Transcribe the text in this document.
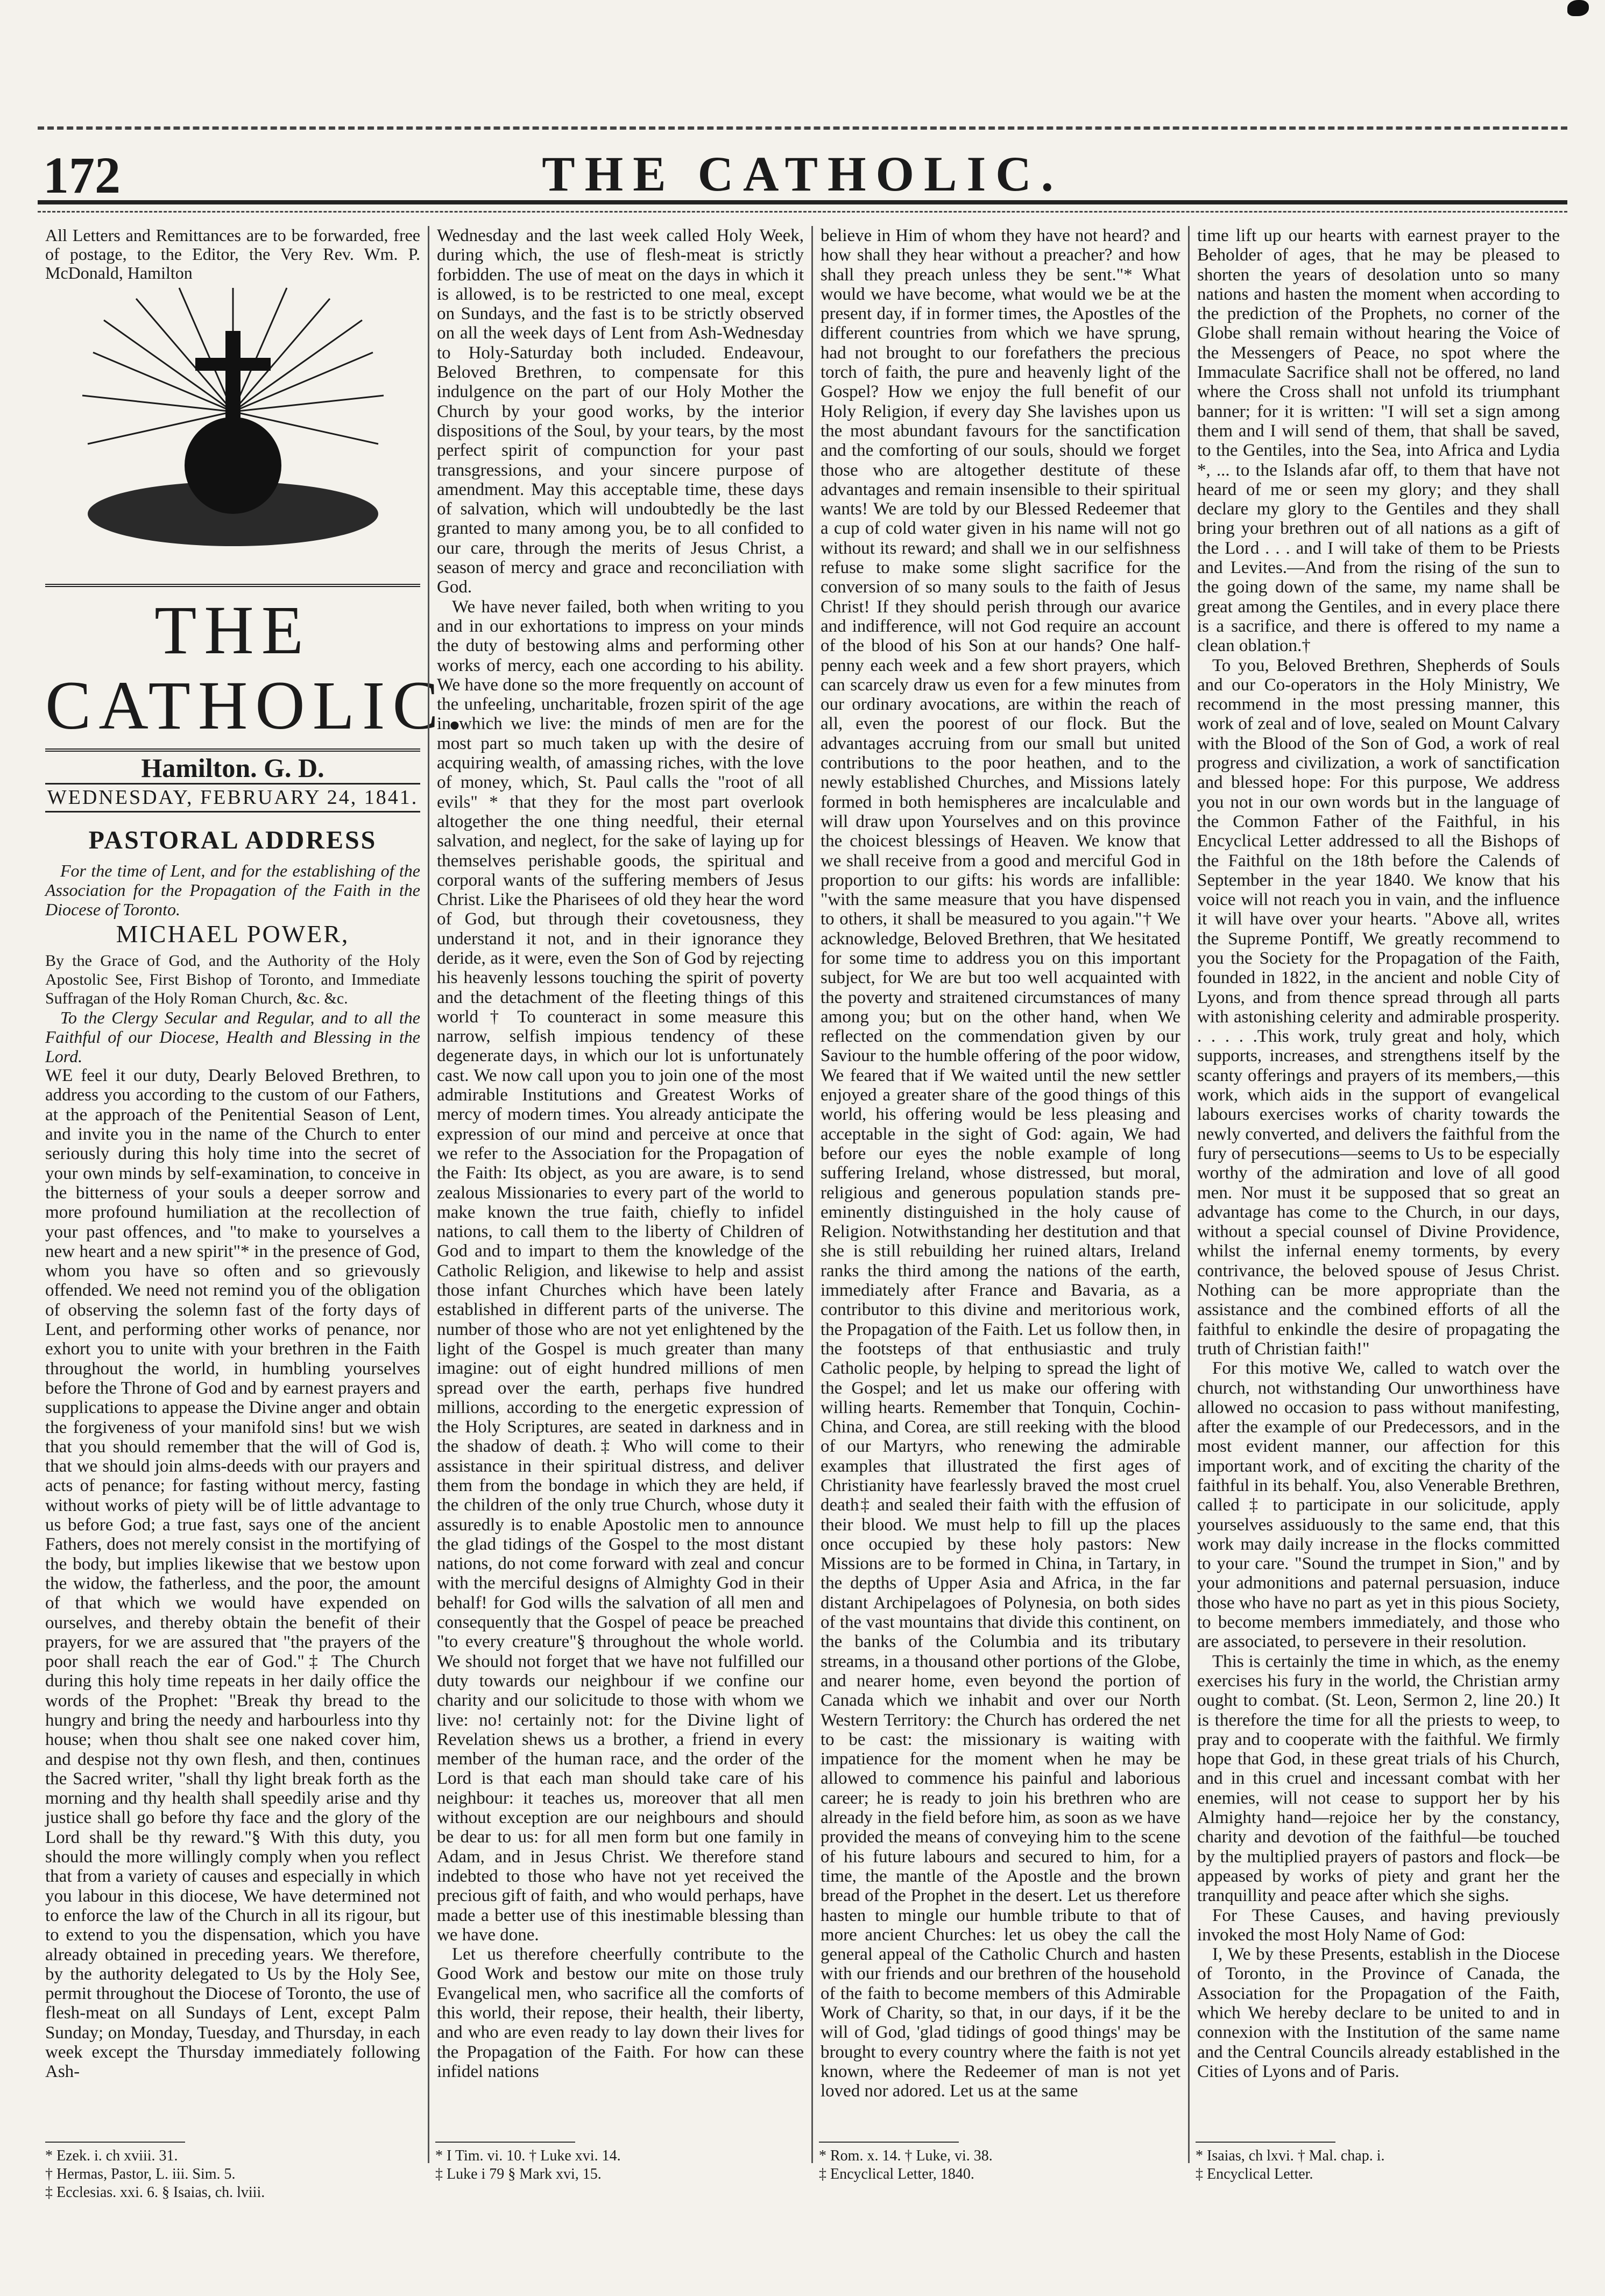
172	THE CATHOLIC.

All Letters and Remittances are to be forwarded, free of postage, to the Editor, the Very Rev. Wm. P. McDonald, Hamilton

THE CATHOLIC.
Hamilton. G. D.
WEDNESDAY, FEBRUARY 24, 1841.
PASTORAL ADDRESS

For the time of Lent, and for the establishing of the Association for the Propagation of the Faith in the Diocese of Toronto.

MICHAEL POWER,

By the Grace of God, and the Authority of the Holy Apostolic See, First Bishop of Toronto, and Immediate Suffragan of the Holy Roman Church, &c. &c.

To the Clergy Secular and Regular, and to all the Faithful of our Diocese, Health and Blessing in the Lord.

WE feel it our duty, Dearly Beloved Brethren, to address you according to the custom of our Fathers, at the approach of the Penitential Season of Lent, and invite you in the name of the Church to enter seriously during this holy time into the secret of your own minds by self-examination, to conceive in the bitterness of your souls a deeper sorrow and more profound humiliation at the recollection of your past offences, and "to make to yourselves a new heart and a new spirit"* in the presence of God, whom you have so often and so grievously offended. We need not remind you of the obligation of observing the solemn fast of the forty days of Lent, and performing other works of penance, nor exhort you to unite with your brethren in the Faith throughout the world, in humbling yourselves before the Throne of God and by earnest prayers and supplications to appease the Divine anger and obtain the forgiveness of your manifold sins! but we wish that you should remember that the will of God is, that we should join alms-deeds with our prayers and acts of penance; for fasting without mercy, fasting without works of piety will be of little advantage to us before God; a true fast, says one of the ancient Fathers, does not merely consist in the mortifying of the body, but implies likewise that we bestow upon the widow, the fatherless, and the poor, the amount of that which we would have expended on ourselves, and thereby obtain the benefit of their prayers, for we are assured that "the prayers of the poor shall reach the ear of God."‡ The Church during this holy time repeats in her daily office the words of the Prophet: "Break thy bread to the hungry and bring the needy and harbourless into thy house; when thou shalt see one naked cover him, and despise not thy own flesh, and then, continues the Sacred writer, "shall thy light break forth as the morning and thy health shall speedily arise and thy justice shall go before thy face and the glory of the Lord shall be thy reward."§ With this duty, you should the more willingly comply when you reflect that from a variety of causes and especially in which you labour in this diocese, We have determined not to enforce the law of the Church in all its rigour, but to extend to you the dispensation, which you have already obtained in preceding years. We therefore, by the authority delegated to Us by the Holy See, permit throughout the Diocese of Toronto, the use of flesh-meat on all Sundays of Lent, except Palm Sunday; on Monday, Tuesday, and Thursday, in each week except the Thursday immediately following Ash-

Wednesday and the last week called Holy Week, during which, the use of flesh-meat is strictly forbidden. The use of meat on the days in which it is allowed, is to be restricted to one meal, except on Sundays, and the fast is to be strictly observed on all the week days of Lent from Ash-Wednesday to Holy-Saturday both included. Endeavour, Beloved Brethren, to compensate for this indulgence on the part of our Holy Mother the Church by your good works, by the interior dispositions of the Soul, by your tears, by the most perfect spirit of compunction for your past transgressions, and your sincere purpose of amendment. May this acceptable time, these days of salvation, which will undoubtedly be the last granted to many among you, be to all confided to our care, through the merits of Jesus Christ, a season of mercy and grace and reconciliation with God.

We have never failed, both when writing to you and in our exhortations to impress on your minds the duty of bestowing alms and performing other works of mercy, each one according to his ability. We have done so the more frequently on account of the unfeeling, uncharitable, frozen spirit of the age in which we live: the minds of men are for the most part so much taken up with the desire of acquiring wealth, of amassing riches, with the love of money, which, St. Paul calls the "root of all evils" * that they for the most part overlook altogether the one thing needful, their eternal salvation, and neglect, for the sake of laying up for themselves perishable goods, the spiritual and corporal wants of the suffering members of Jesus Christ. Like the Pharisees of old they hear the word of God, but through their covetousness, they understand it not, and in their ignorance they deride, as it were, even the Son of God by rejecting his heavenly lessons touching the spirit of poverty and the detachment of the fleeting things of this world † To counteract in some measure this narrow, selfish impious tendency of these degenerate days, in which our lot is unfortunately cast. We now call upon you to join one of the most admirable Institutions and Greatest Works of mercy of modern times. You already anticipate the expression of our mind and perceive at once that we refer to the Association for the Propagation of the Faith: Its object, as you are aware, is to send zealous Missionaries to every part of the world to make known the true faith, chiefly to infidel nations, to call them to the liberty of Children of God and to impart to them the knowledge of the Catholic Religion, and likewise to help and assist those infant Churches which have been lately established in different parts of the universe. The number of those who are not yet enlightened by the light of the Gospel is much greater than many imagine: out of eight hundred millions of men spread over the earth, perhaps five hundred millions, according to the energetic expression of the Holy Scriptures, are seated in darkness and in the shadow of death.‡ Who will come to their assistance in their spiritual distress, and deliver them from the bondage in which they are held, if the children of the only true Church, whose duty it assuredly is to enable Apostolic men to announce the glad tidings of the Gospel to the most distant nations, do not come forward with zeal and concur with the merciful designs of Almighty God in their behalf! for God wills the salvation of all men and consequently that the Gospel of peace be preached "to every creature"§ throughout the whole world. We should not forget that we have not fulfilled our duty towards our neighbour if we confine our charity and our solicitude to those with whom we live: no! certainly not: for the Divine light of Revelation shews us a brother, a friend in every member of the human race, and the order of the Lord is that each man should take care of his neighbour: it teaches us, moreover that all men without exception are our neighbours and should be dear to us: for all men form but one family in Adam, and in Jesus Christ. We therefore stand indebted to those who have not yet received the precious gift of faith, and who would perhaps, have made a better use of this inestimable blessing than we have done.

Let us therefore cheerfully contribute to the Good Work and bestow our mite on those truly Evangelical men, who sacrifice all the comforts of this world, their repose, their health, their liberty, and who are even ready to lay down their lives for the Propagation of the Faith. For how can these infidel nations

believe in Him of whom they have not heard? and how shall they hear without a preacher? and how shall they preach unless they be sent."* What would we have become, what would we be at the present day, if in former times, the Apostles of the different countries from which we have sprung, had not brought to our forefathers the precious torch of faith, the pure and heavenly light of the Gospel? How we enjoy the full benefit of our Holy Religion, if every day She lavishes upon us the most abundant favours for the sanctification and the comforting of our souls, should we forget those who are altogether destitute of these advantages and remain insensible to their spiritual wants! We are told by our Blessed Redeemer that a cup of cold water given in his name will not go without its reward; and shall we in our selfishness refuse to make some slight sacrifice for the conversion of so many souls to the faith of Jesus Christ! If they should perish through our avarice and indifference, will not God require an account of the blood of his Son at our hands? One half-penny each week and a few short prayers, which can scarcely draw us even for a few minutes from our ordinary avocations, are within the reach of all, even the poorest of our flock. But the advantages accruing from our small but united contributions to the poor heathen, and to the newly established Churches, and Missions lately formed in both hemispheres are incalculable and will draw upon Yourselves and on this province the choicest blessings of Heaven. We know that we shall receive from a good and merciful God in proportion to our gifts: his words are infallible: "with the same measure that you have dispensed to others, it shall be measured to you again."† We acknowledge, Beloved Brethren, that We hesitated for some time to address you on this important subject, for We are but too well acquainted with the poverty and straitened circumstances of many among you; but on the other hand, when We reflected on the commendation given by our Saviour to the humble offering of the poor widow, We feared that if We waited until the new settler enjoyed a greater share of the good things of this world, his offering would be less pleasing and acceptable in the sight of God: again, We had before our eyes the noble example of long suffering Ireland, whose distressed, but moral, religious and generous population stands pre-eminently distinguished in the holy cause of Religion. Notwithstanding her destitution and that she is still rebuilding her ruined altars, Ireland ranks the third among the nations of the earth, immediately after France and Bavaria, as a contributor to this divine and meritorious work, the Propagation of the Faith. Let us follow then, in the footsteps of that enthusiastic and truly Catholic people, by helping to spread the light of the Gospel; and let us make our offering with willing hearts. Remember that Tonquin, Cochin-China, and Corea, are still reeking with the blood of our Martyrs, who renewing the admirable examples that illustrated the first ages of Christianity have fearlessly braved the most cruel death‡ and sealed their faith with the effusion of their blood. We must help to fill up the places once occupied by these holy pastors: New Missions are to be formed in China, in Tartary, in the depths of Upper Asia and Africa, in the far distant Archipelagoes of Polynesia, on both sides of the vast mountains that divide this continent, on the banks of the Columbia and its tributary streams, in a thousand other portions of the Globe, and nearer home, even beyond the portion of Canada which we inhabit and over our North Western Territory: the Church has ordered the net to be cast: the missionary is waiting with impatience for the moment when he may be allowed to commence his painful and laborious career; he is ready to join his brethren who are already in the field before him, as soon as we have provided the means of conveying him to the scene of his future labours and secured to him, for a time, the mantle of the Apostle and the brown bread of the Prophet in the desert. Let us therefore hasten to mingle our humble tribute to that of more ancient Churches: let us obey the call the general appeal of the Catholic Church and hasten with our friends and our brethren of the household of the faith to become members of this Admirable Work of Charity, so that, in our days, if it be the will of God, 'glad tidings of good things' may be brought to every country where the faith is not yet known, where the Redeemer of man is not yet loved nor adored. Let us at the same

time lift up our hearts with earnest prayer to the Beholder of ages, that he may be pleased to shorten the years of desolation unto so many nations and hasten the moment when according to the prediction of the Prophets, no corner of the Globe shall remain without hearing the Voice of the Messengers of Peace, no spot where the Immaculate Sacrifice shall not be offered, no land where the Cross shall not unfold its triumphant banner; for it is written: "I will set a sign among them and I will send of them, that shall be saved, to the Gentiles, into the Sea, into Africa and Lydia *, ... to the Islands afar off, to them that have not heard of me or seen my glory; and they shall declare my glory to the Gentiles and they shall bring your brethren out of all nations as a gift of the Lord . . . and I will take of them to be Priests and Levites.—And from the rising of the sun to the going down of the same, my name shall be great among the Gentiles, and in every place there is a sacrifice, and there is offered to my name a clean oblation.†

To you, Beloved Brethren, Shepherds of Souls and our Co-operators in the Holy Ministry, We recommend in the most pressing manner, this work of zeal and of love, sealed on Mount Calvary with the Blood of the Son of God, a work of real progress and civilization, a work of sanctification and blessed hope: For this purpose, We address you not in our own words but in the language of the Common Father of the Faithful, in his Encyclical Letter addressed to all the Bishops of the Faithful on the 18th before the Calends of September in the year 1840. We know that his voice will not reach you in vain, and the influence it will have over your hearts. "Above all, writes the Supreme Pontiff, We greatly recommend to you the Society for the Propagation of the Faith, founded in 1822, in the ancient and noble City of Lyons, and from thence spread through all parts with astonishing celerity and admirable prosperity. . . . . .This work, truly great and holy, which supports, increases, and strengthens itself by the scanty offerings and prayers of its members,—this work, which aids in the support of evangelical labours exercises works of charity towards the newly converted, and delivers the faithful from the fury of persecutions—seems to Us to be especially worthy of the admiration and love of all good men. Nor must it be supposed that so great an advantage has come to the Church, in our days, without a special counsel of Divine Providence, whilst the infernal enemy torments, by every contrivance, the beloved spouse of Jesus Christ. Nothing can be more appropriate than the assistance and the combined efforts of all the faithful to enkindle the desire of propagating the truth of Christian faith!"

For this motive We, called to watch over the church, not withstanding Our unworthiness have allowed no occasion to pass without manifesting, after the example of our Predecessors, and in the most evident manner, our affection for this important work, and of exciting the charity of the faithful in its behalf. You, also Venerable Brethren, called ‡ to participate in our solicitude, apply yourselves assiduously to the same end, that this work may daily increase in the flocks committed to your care. "Sound the trumpet in Sion," and by your admonitions and paternal persuasion, induce those who have no part as yet in this pious Society, to become members immediately, and those who are associated, to persevere in their resolution.

This is certainly the time in which, as the enemy exercises his fury in the world, the Christian army ought to combat. (St. Leon, Sermon 2, line 20.) It is therefore the time for all the priests to weep, to pray and to cooperate with the faithful. We firmly hope that God, in these great trials of his Church, and in this cruel and incessant combat with her enemies, will not cease to support her by his Almighty hand—rejoice her by the constancy, charity and devotion of the faithful—be touched by the multiplied prayers of pastors and flock—be appeased by works of piety and grant her the tranquillity and peace after which she sighs.

For These Causes, and having previously invoked the most Holy Name of God:

I, We by these Presents, establish in the Diocese of Toronto, in the Province of Canada, the Association for the Propagation of the Faith, which We hereby declare to be united to and in connexion with the Institution of the same name and the Central Councils already established in the Cities of Lyons and of Paris.

* Ezek. i. ch xviii. 31.
† Hermas, Pastor, L. iii. Sim. 5.
‡ Ecclesias. xxi. 6. § Isaias, ch. lviii.
* I Tim. vi. 10. † Luke xvi. 14.
‡ Luke i 79 § Mark xvi, 15.
* Rom. x. 14. † Luke, vi. 38.
‡ Encyclical Letter, 1840.
* Isaias, ch lxvi. † Mal. chap. i.
‡ Encyclical Letter.
